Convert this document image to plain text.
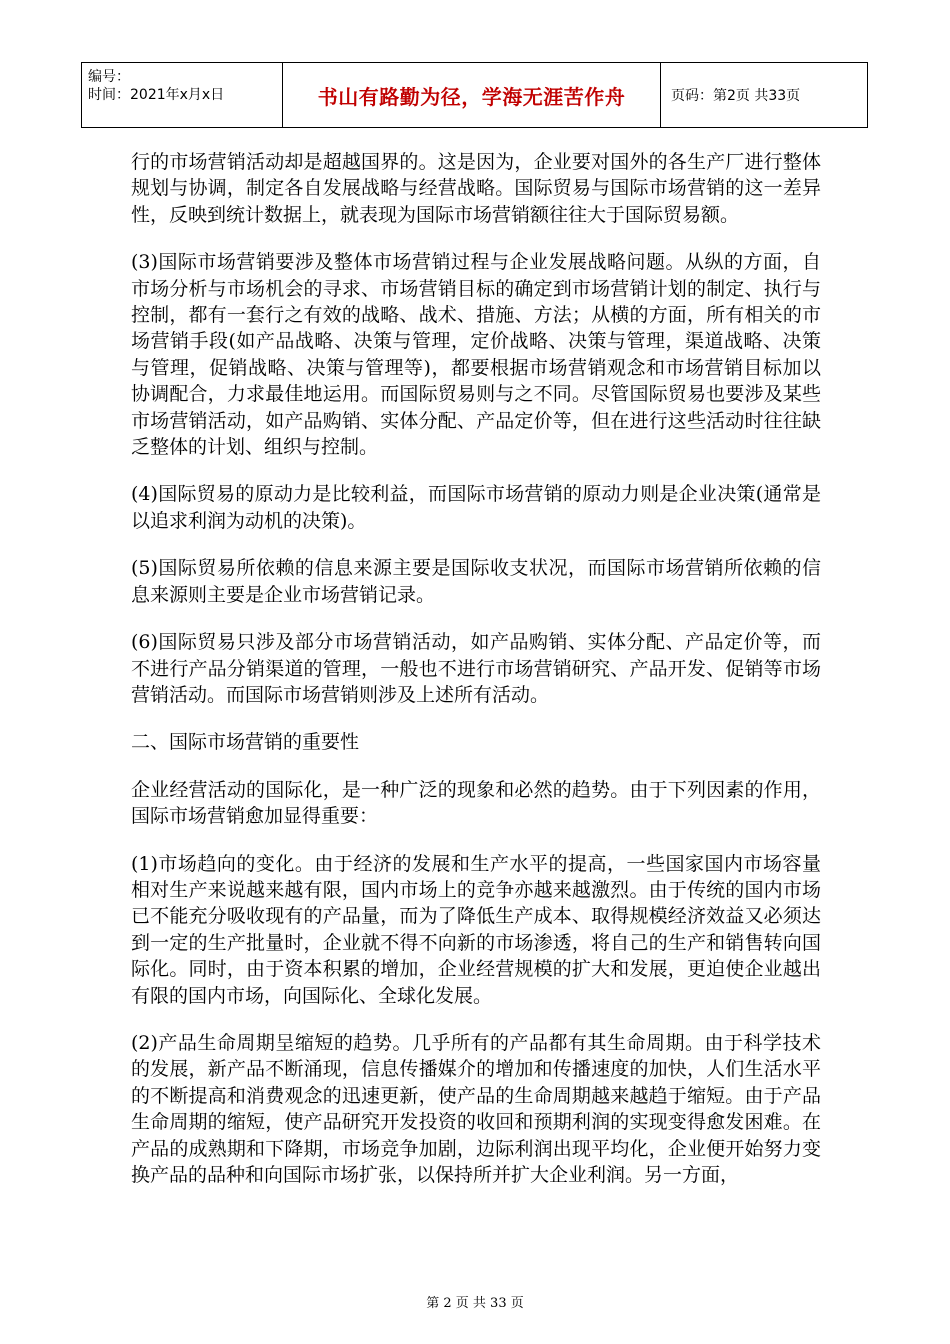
编号：
时间：2021年x月x日	书山有路勤为径，学海无涯苦作舟	页码：第2页 共33页

行的市场营销活动却是超越国界的。这是因为，企业要对国外的各生产厂进行整体规划与协调，制定各自发展战略与经营战略。国际贸易与国际市场营销的这一差异性，反映到统计数据上，就表现为国际市场营销额往往大于国际贸易额。

(3)国际市场营销要涉及整体市场营销过程与企业发展战略问题。从纵的方面，自市场分析与市场机会的寻求、市场营销目标的确定到市场营销计划的制定、执行与控制，都有一套行之有效的战略、战术、措施、方法；从横的方面，所有相关的市场营销手段(如产品战略、决策与管理，定价战略、决策与管理，渠道战略、决策与管理，促销战略、决策与管理等)，都要根据市场营销观念和市场营销目标加以协调配合，力求最佳地运用。而国际贸易则与之不同。尽管国际贸易也要涉及某些市场营销活动，如产品购销、实体分配、产品定价等，但在进行这些活动时往往缺乏整体的计划、组织与控制。

(4)国际贸易的原动力是比较利益，而国际市场营销的原动力则是企业决策(通常是以追求利润为动机的决策)。

(5)国际贸易所依赖的信息来源主要是国际收支状况，而国际市场营销所依赖的信息来源则主要是企业市场营销记录。

(6)国际贸易只涉及部分市场营销活动，如产品购销、实体分配、产品定价等，而不进行产品分销渠道的管理，一般也不进行市场营销研究、产品开发、促销等市场营销活动。而国际市场营销则涉及上述所有活动。

二、国际市场营销的重要性

企业经营活动的国际化，是一种广泛的现象和必然的趋势。由于下列因素的作用，国际市场营销愈加显得重要：

(1)市场趋向的变化。由于经济的发展和生产水平的提高，一些国家国内市场容量相对生产来说越来越有限，国内市场上的竞争亦越来越激烈。由于传统的国内市场已不能充分吸收现有的产品量，而为了降低生产成本、取得规模经济效益又必须达到一定的生产批量时，企业就不得不向新的市场渗透，将自己的生产和销售转向国际化。同时，由于资本积累的增加，企业经营规模的扩大和发展，更迫使企业越出有限的国内市场，向国际化、全球化发展。

(2)产品生命周期呈缩短的趋势。几乎所有的产品都有其生命周期。由于科学技术的发展，新产品不断涌现，信息传播媒介的增加和传播速度的加快，人们生活水平的不断提高和消费观念的迅速更新，使产品的生命周期越来越趋于缩短。由于产品生命周期的缩短，使产品研究开发投资的收回和预期利润的实现变得愈发困难。在产品的成熟期和下降期，市场竞争加剧，边际利润出现平均化，企业便开始努力变换产品的品种和向国际市场扩张，以保持所并扩大企业利润。另一方面，

第 2 页 共 33 页
